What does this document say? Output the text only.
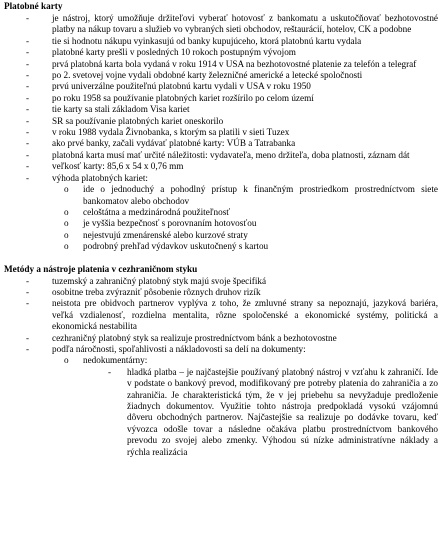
Platobné karty
- je nástroj, ktorý umožňuje držiteľovi vyberať hotovosť z bankomatu a uskutočňovať bezhotovostné platby na nákup tovaru a služieb vo vybraných sieti obchodov, reštaurácií, hotelov, CK a podobne
- tie si hodnotu nákupu vyinkasujú od banky kupujúceho, ktorá platobnú kartu vydala
- platobné karty prešli v posledných 10 rokoch postupným vývojom
- prvá platobná karta bola vydaná v roku 1914 v USA na bezhotovostné platenie za telefón a telegraf
- po 2. svetovej vojne vydali obdobné karty železničné americké a letecké spoločnosti
- prvú univerzálne použiteľnú platobnú kartu vydali v USA v roku 1950
- po roku 1958 sa používanie platobných kariet rozšírilo po celom území
- tie karty sa stali základom Visa kariet
- SR sa používanie platobných kariet oneskorilo
- v roku 1988 vydala Živnobanka, s ktorým sa platili v sieti Tuzex
- ako prvé banky, začali vydávať platobné karty: VÚB a Tatrabanka
- platobná karta musí mať určité náležitosti: vydavateľa, meno držiteľa, doba platnosti, záznam dát
- veľkosť karty: 85,6 x 54 x 0,76 mm
- výhoda platobných kariet:
o ide o jednoduchý a pohodlný prístup k finančným prostriedkom prostredníctvom siete bankomatov alebo obchodov
o celoštátna a medzinárodná použiteľnosť
o je vyššia bezpečnosť s porovnaním hotovosťou
o nejestvujú zmenárenské alebo kurzové straty
o podrobný prehľad výdavkov uskutočnený s kartou
Metódy a nástroje platenia v cezhraničnom styku
- tuzemský a zahraničný platobný styk majú svoje špecifiká
- osobitne treba zvýrazniť pôsobenie rôznych druhov rizík
- neistota pre obidvoch partnerov vyplýva z toho, že zmluvné strany sa nepoznajú, jazyková bariéra, veľká vzdialenosť, rozdielna mentalita, rôzne spoločenské a ekonomické systémy, politická a ekonomická nestabilita
- cezhraničný platobný styk sa realizuje prostredníctvom bánk a bezhotovostne
- podľa náročnosti, spoľahlivosti a nákladovosti sa delí na dokumenty:
o nedokumentárny:
- hladká platba – je najčastejšie používaný platobný nástroj v vzťahu k zahraničí. Ide v podstate o bankový prevod, modifikovaný pre potreby platenia do zahraničia a zo zahraničia. Je charakteristická tým, že v jej priebehu sa nevyžaduje predloženie žiadnych dokumentov. Využitie tohto nástroja predpokladá vysokú vzájomnú dôveru obchodných partnerov. Najčastejšie sa realizuje po dodávke tovaru, keď vývozca odošle tovar a následne očakáva platbu prostredníctvom bankového prevodu zo svojej alebo zmenky. Výhodou sú nízke administratívne náklady a rýchla realizácia
